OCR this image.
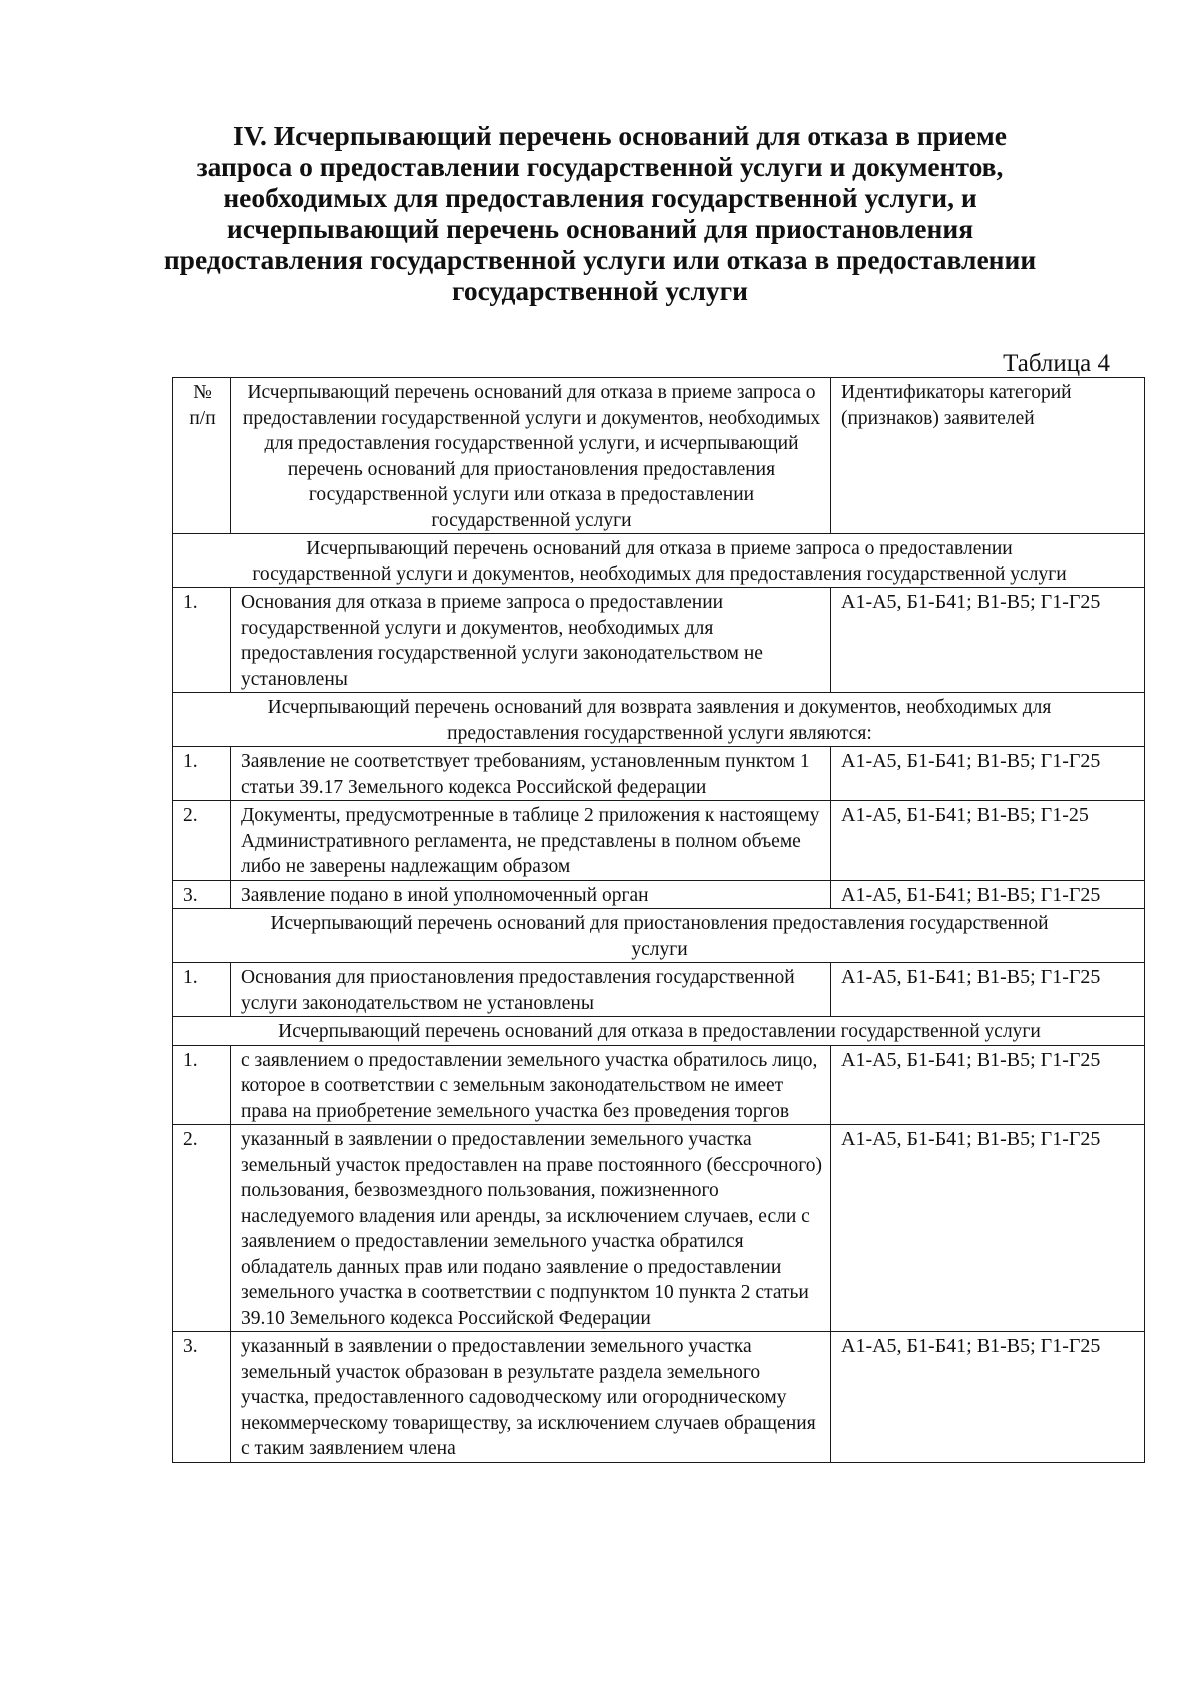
IV. Исчерпывающий перечень оснований для отказа в приеме
запроса о предоставлении государственной услуги и документов,
необходимых для предоставления государственной услуги, и
исчерпывающий перечень оснований для приостановления
предоставления государственной услуги или отказа в предоставлении
государственной услуги
Таблица 4
№
п/п	Исчерпывающий перечень оснований для отказа в приеме запроса о предоставлении государственной услуги и документов, необходимых для предоставления государственной услуги, и исчерпывающий перечень оснований для приостановления предоставления государственной услуги или отказа в предоставлении государственной услуги	Идентификаторы категорий (признаков) заявителей

Исчерпывающий перечень оснований для отказа в приеме запроса о предоставлении
государственной услуги и документов, необходимых для предоставления государственной услуги		

1.	Основания для отказа в приеме запроса о предоставлении государственной услуги и документов, необходимых для предоставления государственной услуги законодательством не установлены	А1-А5, Б1-Б41; В1-В5; Г1-Г25

Исчерпывающий перечень оснований для возврата заявления и документов, необходимых для
предоставления государственной услуги являются:		

1.	Заявление не соответствует требованиям, установленным пунктом 1 статьи 39.17 Земельного кодекса Российской федерации	А1-А5, Б1-Б41; В1-В5; Г1-Г25
2.	Документы, предусмотренные в таблице 2 приложения к настоящему Административного регламента, не представлены в полном объеме либо не заверены надлежащим образом	А1-А5, Б1-Б41; В1-В5; Г1-25
3.	Заявление подано в иной уполномоченный орган	А1-А5, Б1-Б41; В1-В5; Г1-Г25

Исчерпывающий перечень оснований для приостановления предоставления государственной
услуги		

1.	Основания для приостановления предоставления государственной услуги законодательством не установлены	А1-А5, Б1-Б41; В1-В5; Г1-Г25

Исчерпывающий перечень оснований для отказа в предоставлении государственной услуги		

1.	с заявлением о предоставлении земельного участка обратилось лицо, которое в соответствии с земельным законодательством не имеет права на приобретение земельного участка без проведения торгов	А1-А5, Б1-Б41; В1-В5; Г1-Г25
2.	указанный в заявлении о предоставлении земельного участка земельный участок предоставлен на праве постоянного (бессрочного) пользования, безвозмездного пользования, пожизненного наследуемого владения или аренды, за исключением случаев, если с заявлением о предоставлении земельного участка обратился обладатель данных прав или подано заявление о предоставлении земельного участка в соответствии с подпунктом 10 пункта 2 статьи 39.10 Земельного кодекса Российской Федерации	А1-А5, Б1-Б41; В1-В5; Г1-Г25
3.	указанный в заявлении о предоставлении земельного участка земельный участок образован в результате раздела земельного участка, предоставленного садоводческому или огородническому некоммерческому товариществу, за исключением случаев обращения с таким заявлением члена	А1-А5, Б1-Б41; В1-В5; Г1-Г25
